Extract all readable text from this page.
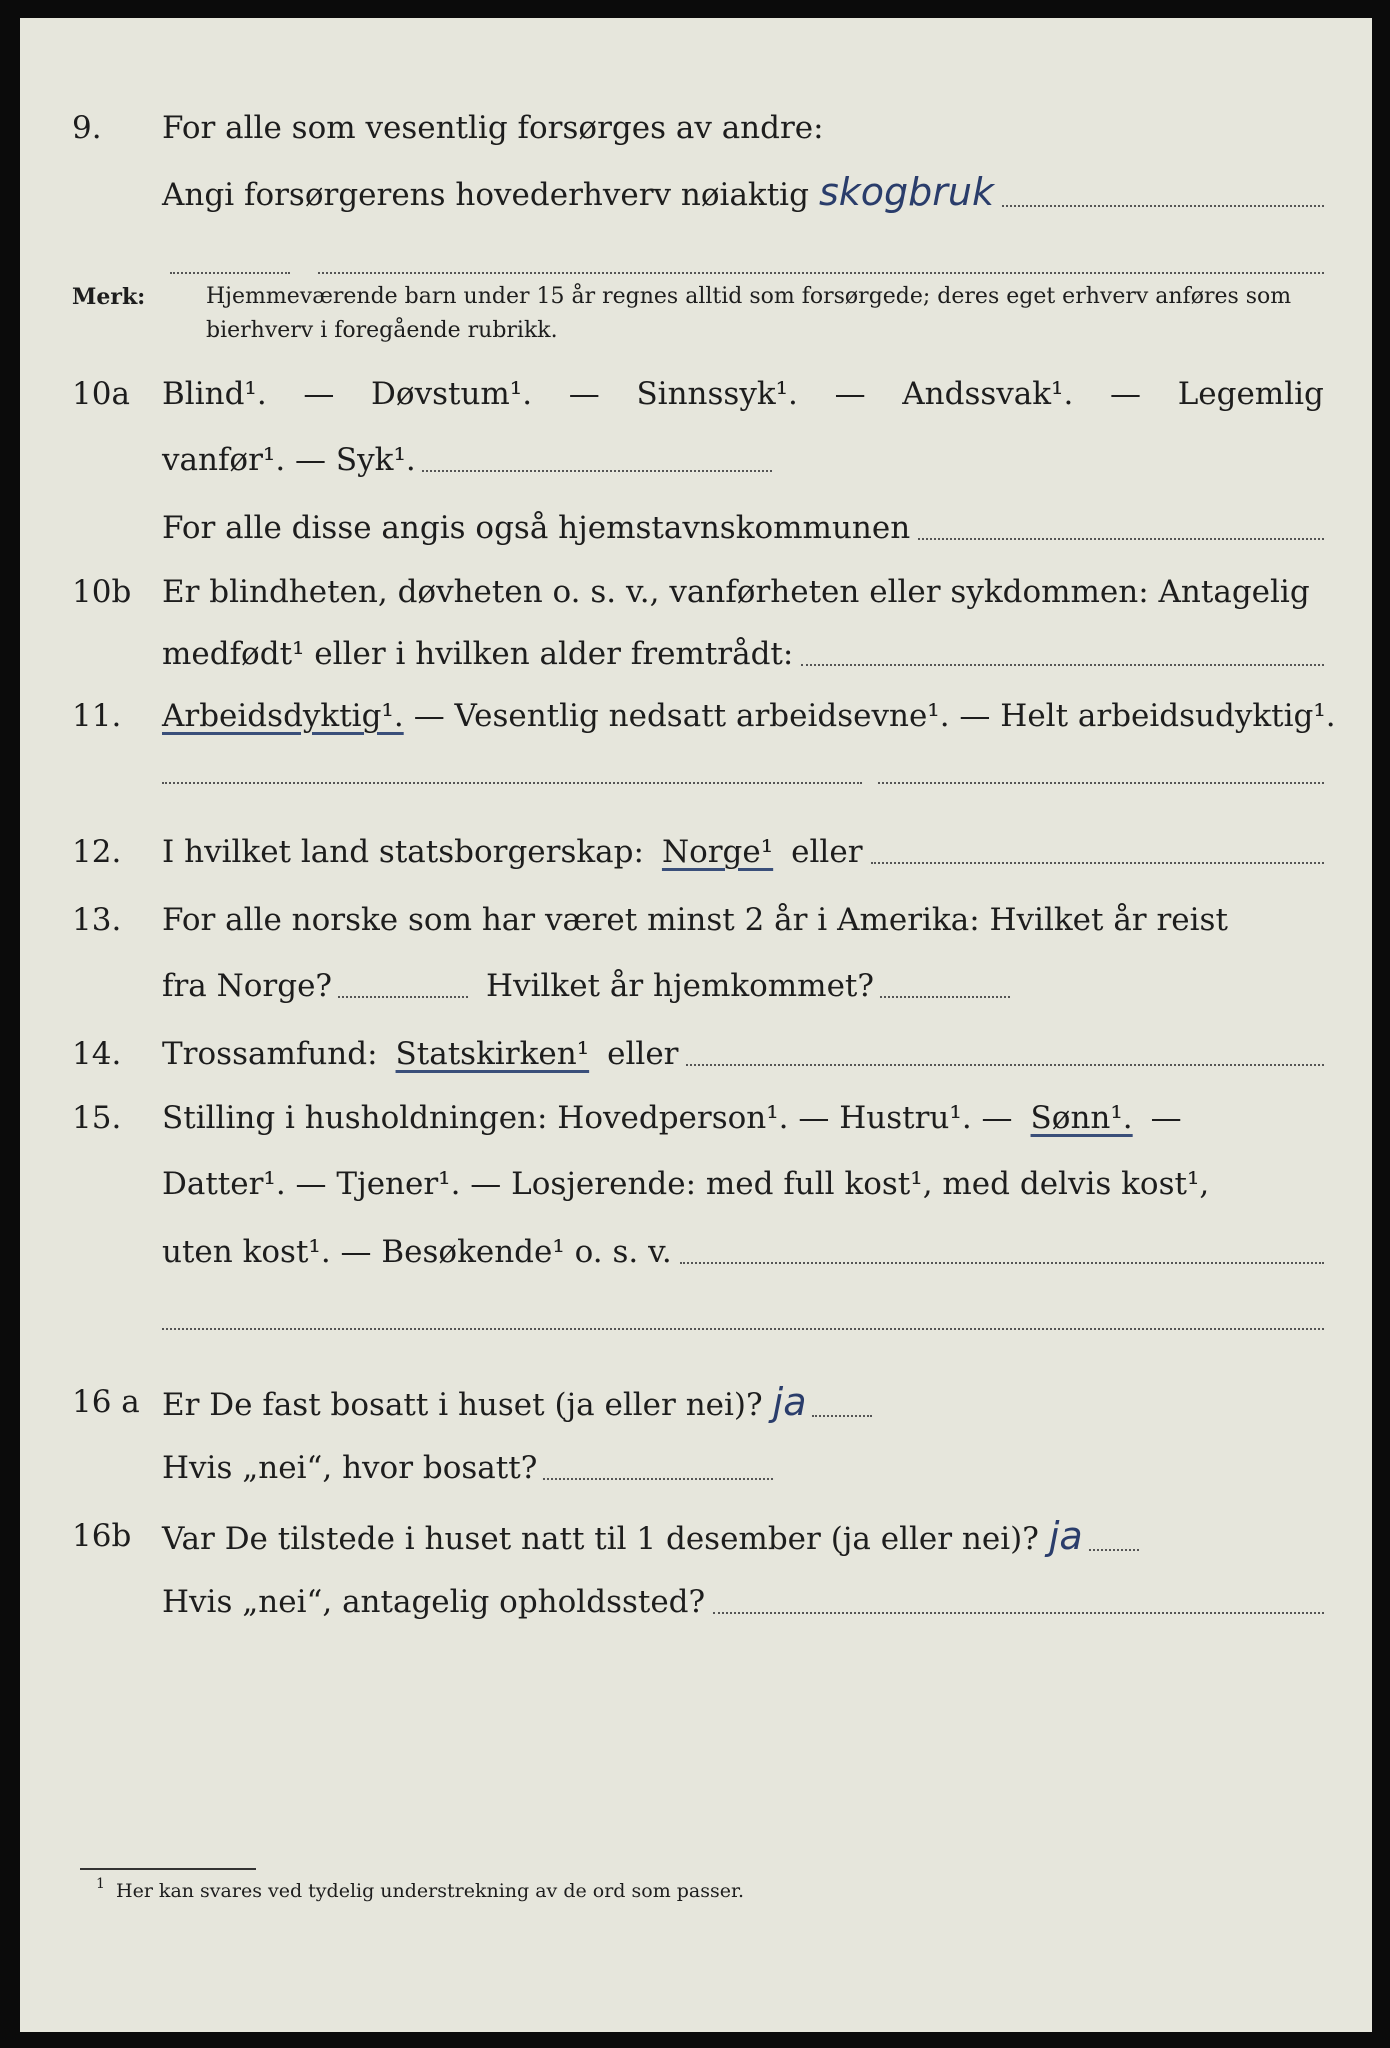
9. For alle som vesentlig forsørges av andre:
Angi forsørgerens hovederhverv nøiaktig skogbruk
Merk:	Hjemmeværende barn under 15 år regnes alltid som forsørgede; deres eget erhverv anføres som bierhverv i foregående rubrikk.
10a Blind¹. — Døvstum¹. — Sinnssyk¹. — Andssvak¹. — Legemlig
vanfør¹. — Syk¹.
For alle disse angis også hjemstavnskommunen
10b Er blindheten, døvheten o. s. v., vanførheten eller sykdommen: Antagelig
medfødt¹ eller i hvilken alder fremtrådt:
11. Arbeidsdyktig¹. — Vesentlig nedsatt arbeidsevne¹. — Helt arbeidsudyktig¹.
12. I hvilket land statsborgerskap: Norge¹ eller
13. For alle norske som har været minst 2 år i Amerika: Hvilket år reist
fra Norge?	Hvilket år hjemkommet?
14. Trossamfund: Statskirken¹ eller
15. Stilling i husholdningen: Hovedperson¹. — Hustru¹. — Sønn¹. —
Datter¹. — Tjener¹. — Losjerende: med full kost¹, med delvis kost¹,
uten kost¹. — Besøkende¹ o. s. v.
16 a Er De fast bosatt i huset (ja eller nei)? ja
Hvis „nei“, hvor bosatt?
16b Var De tilstede i huset natt til 1 desember (ja eller nei)? ja
Hvis „nei“, antagelig opholdssted?
1 Her kan svares ved tydelig understrekning av de ord som passer.
